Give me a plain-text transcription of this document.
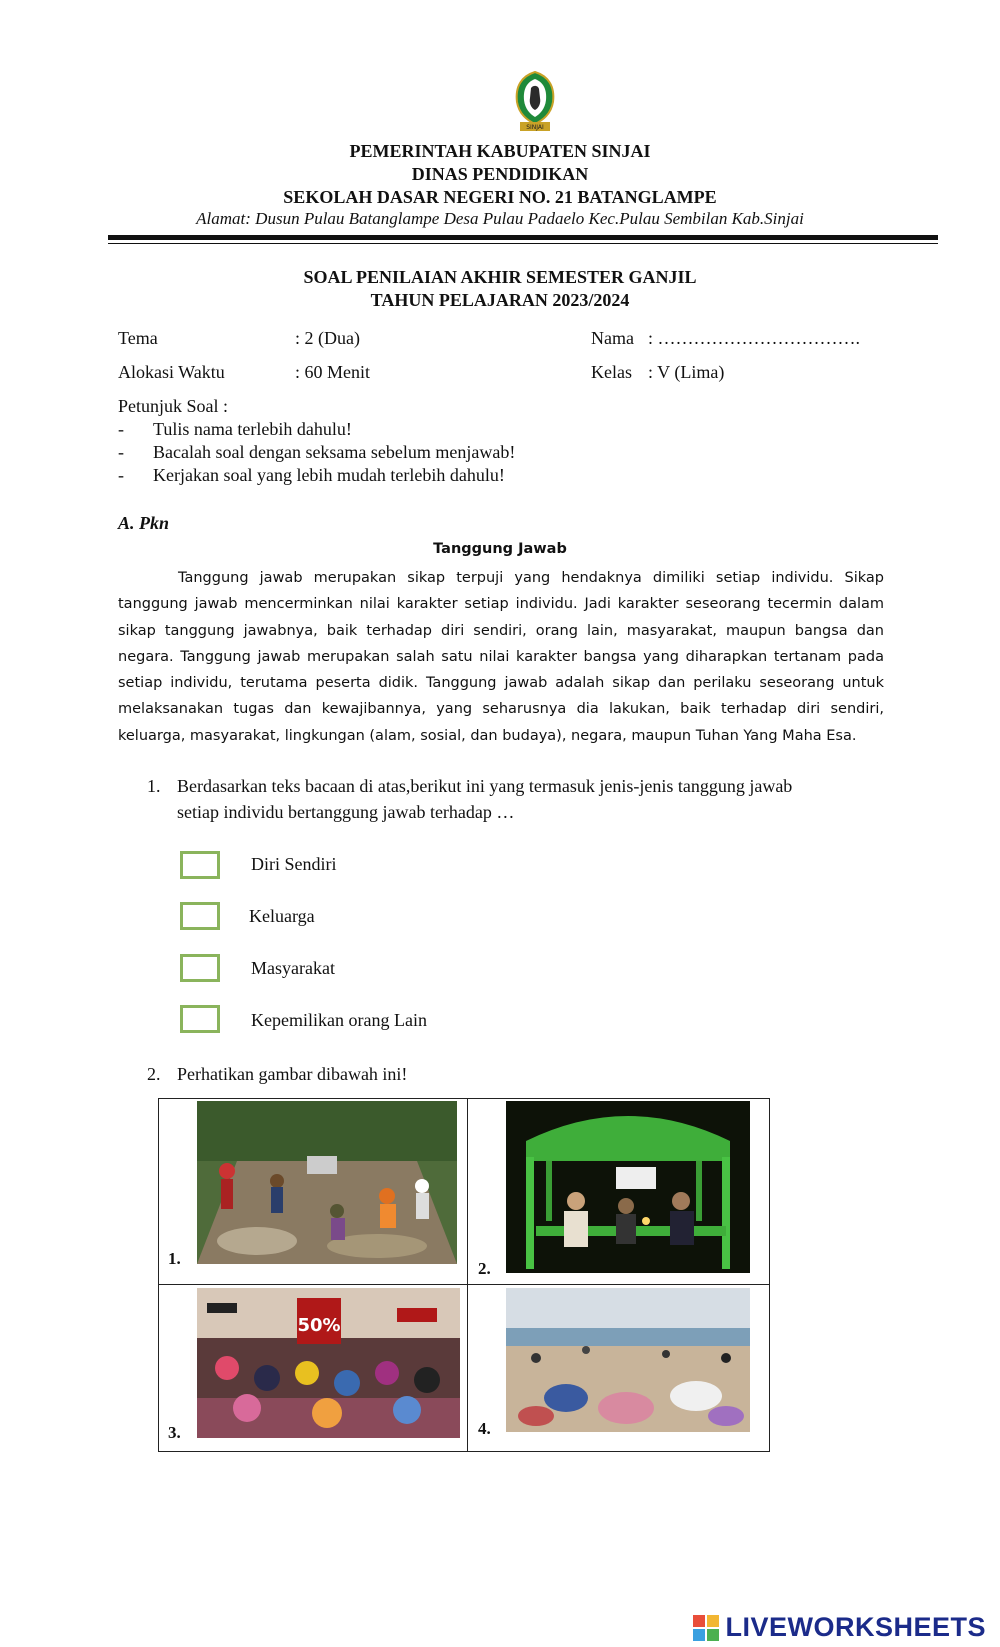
SINJAI
PEMERINTAH KABUPATEN SINJAI
DINAS PENDIDIKAN
SEKOLAH DASAR NEGERI NO. 21 BATANGLAMPE
Alamat: Dusun Pulau Batanglampe Desa Pulau Padaelo Kec.Pulau Sembilan Kab.Sinjai
SOAL PENILAIAN AKHIR SEMESTER GANJIL
TAHUN PELAJARAN 2023/2024
Tema	: 2 (Dua)	Nama : …………………………….
Alokasi Waktu	: 60 Menit	Kelas : V (Lima)
Petunjuk Soal :
- Tulis nama terlebih dahulu!
- Bacalah soal dengan seksama sebelum menjawab!
- Kerjakan soal yang lebih mudah terlebih dahulu!
A. Pkn
Tanggung Jawab
Tanggung jawab merupakan sikap terpuji yang hendaknya dimiliki setiap individu. Sikap tanggung jawab mencerminkan nilai karakter setiap individu. Jadi karakter seseorang tecermin dalam sikap tanggung jawabnya, baik terhadap diri sendiri, orang lain, masyarakat, maupun bangsa dan negara. Tanggung jawab merupakan salah satu nilai karakter bangsa yang diharapkan tertanam pada setiap individu, terutama peserta didik. Tanggung jawab adalah sikap dan perilaku seseorang untuk melaksanakan tugas dan kewajibannya, yang seharusnya dia lakukan, baik terhadap diri sendiri, keluarga, masyarakat, lingkungan (alam, sosial, dan budaya), negara, maupun Tuhan Yang Maha Esa.
1. Berdasarkan teks bacaan di atas,berikut ini yang termasuk jenis-jenis tanggung jawab
setiap individu bertanggung jawab terhadap …
Diri Sendiri
Keluarga
Masyarakat
Kepemilikan orang Lain
2. Perhatikan gambar dibawah ini!
1.
2.
50%
3.	4.
LIVEWORKSHEETS
